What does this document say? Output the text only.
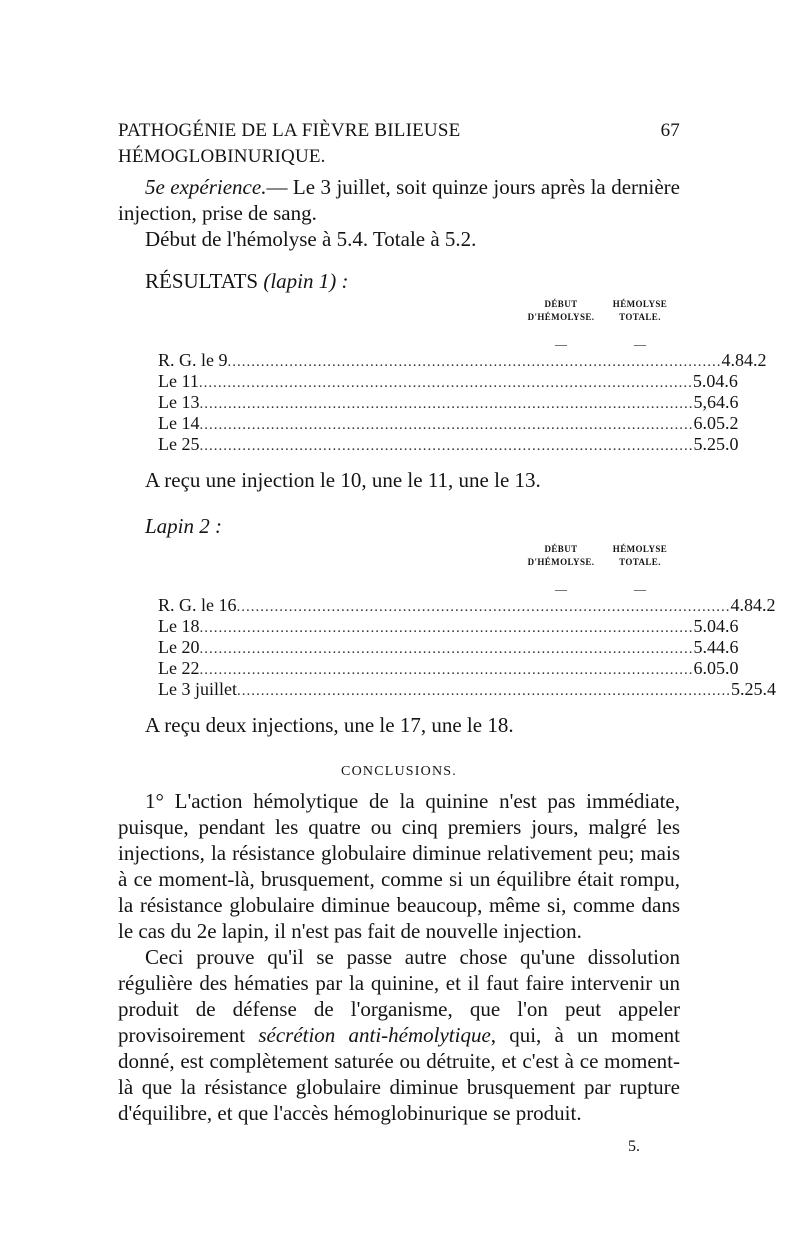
PATHOGÉNIE DE LA FIÈVRE BILIEUSE HÉMOGLOBINURIQUE.
67

5e expérience.— Le 3 juillet, soit quinze jours après la dernière injection, prise de sang.

Début de l'hémolyse à 5.4. Totale à 5.2.

RÉSULTATS (lapin 1) :
DÉBUT D'HÉMOLYSE.
HÉMOLYSE TOTALE.
—	—
R. G. le 9 ........................................................................................................ 4.8 4.2
Le 11 ........................................................................................................ 5.0 4.6
Le 13 ........................................................................................................ 5,6 4.6
Le 14 ........................................................................................................ 6.0 5.2
Le 25 ........................................................................................................ 5.2 5.0

A reçu une injection le 10, une le 11, une le 13.

Lapin 2 :

DÉBUT D'HÉMOLYSE.
HÉMOLYSE TOTALE.
—	—
R. G. le 16 ........................................................................................................ 4.8 4.2
Le 18 ........................................................................................................ 5.0 4.6
Le 20 ........................................................................................................ 5.4 4.6
Le 22 ........................................................................................................ 6.0 5.0
Le 3 juillet ........................................................................................................ 5.2 5.4

A reçu deux injections, une le 17, une le 18.

CONCLUSIONS.

1° L'action hémolytique de la quinine n'est pas immédiate, puisque, pendant les quatre ou cinq premiers jours, malgré les injections, la résistance globulaire diminue relativement peu; mais à ce moment-là, brusquement, comme si un équilibre était rompu, la résistance globulaire diminue beaucoup, même si, comme dans le cas du 2e lapin, il n'est pas fait de nouvelle injection.

Ceci prouve qu'il se passe autre chose qu'une dissolution régulière des hématies par la quinine, et il faut faire intervenir un produit de défense de l'organisme, que l'on peut appeler provisoirement sécrétion anti-hémolytique, qui, à un moment donné, est complètement saturée ou détruite, et c'est à ce moment-là que la résistance globulaire diminue brusquement par rupture d'équilibre, et que l'accès hémoglobinurique se produit.

5.
